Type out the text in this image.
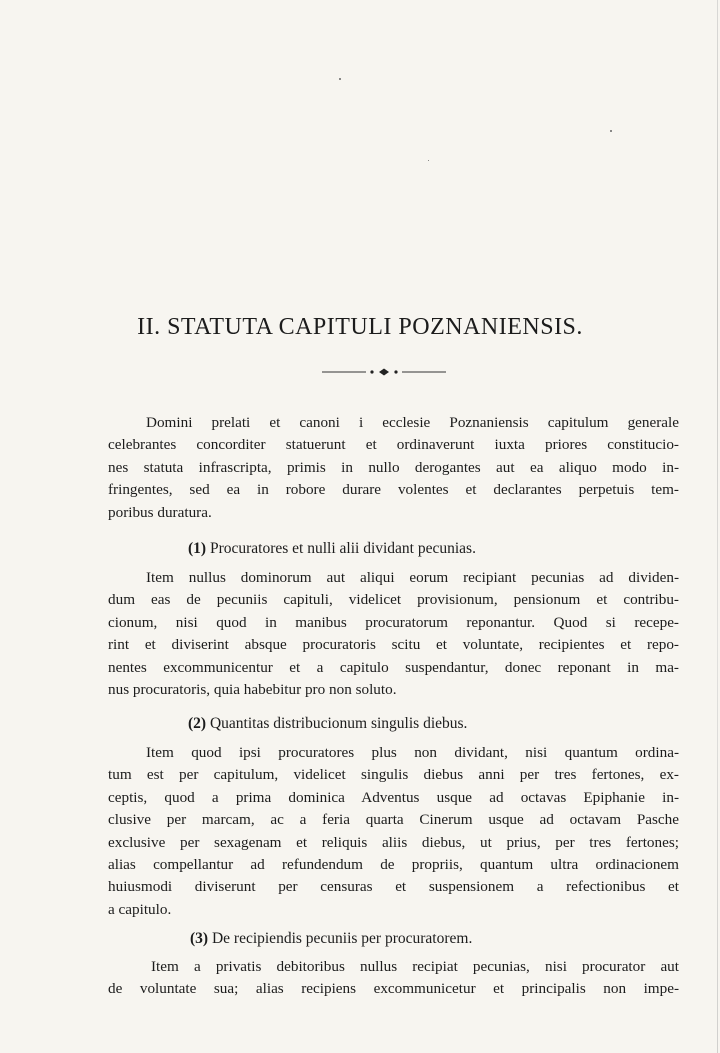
II. STATUTA CAPITULI POZNANIENSIS.
Domini prelati et canoni i ecclesie Poznaniensis capitulum generale
celebrantes concorditer statuerunt et ordinaverunt iuxta priores constitucio-
nes statuta infrascripta, primis in nullo derogantes aut ea aliquo modo in-
fringentes, sed ea in robore durare volentes et declarantes perpetuis tem-
poribus duratura.
(1) Procuratores et nulli alii dividant pecunias.
Item nullus dominorum aut aliqui eorum recipiant pecunias ad dividen-
dum eas de pecuniis capituli, videlicet provisionum, pensionum et contribu-
cionum, nisi quod in manibus procuratorum reponantur. Quod si recepe-
rint et diviserint absque procuratoris scitu et voluntate, recipientes et repo-
nentes excommunicentur et a capitulo suspendantur, donec reponant in ma-
nus procuratoris, quia habebitur pro non soluto.
(2) Quantitas distribucionum singulis diebus.
Item quod ipsi procuratores plus non dividant, nisi quantum ordina-
tum est per capitulum, videlicet singulis diebus anni per tres fertones, ex-
ceptis, quod a prima dominica Adventus usque ad octavas Epiphanie in-
clusive per marcam, ac a feria quarta Cinerum usque ad octavam Pasche
exclusive per sexagenam et reliquis aliis diebus, ut prius, per tres fertones;
alias compellantur ad refundendum de propriis, quantum ultra ordinacionem
huiusmodi diviserunt per censuras et suspensionem a refectionibus et
a capitulo.
(3) De recipiendis pecuniis per procuratorem.
Item a privatis debitoribus nullus recipiat pecunias, nisi procurator aut
de voluntate sua; alias recipiens excommunicetur et principalis non impe-
